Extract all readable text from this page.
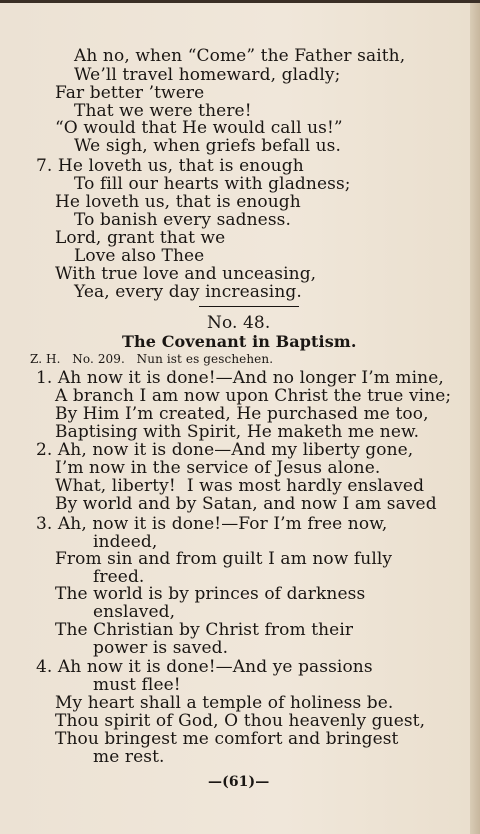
Ah no, when “Come” the Father saith,
We’ll travel homeward, gladly;
Far better ’twere
That we were there!
“O would that He would call us!”
We sigh, when griefs befall us.
7. He loveth us, that is enough
To fill our hearts with gladness;
He loveth us, that is enough
To banish every sadness.
Lord, grant that we
Love also Thee
With true love and unceasing,
Yea, every day increasing.
No. 48.
The Covenant in Baptism.
Z. H.   No. 209.   Nun ist es geschehen.
1. Ah now it is done!—And no longer I’m mine,
A branch I am now upon Christ the true vine;
By Him I’m created, He purchased me too,
Baptising with Spirit, He maketh me new.
2. Ah, now it is done—And my liberty gone,
I’m now in the service of Jesus alone.
What, liberty!  I was most hardly enslaved
By world and by Satan, and now I am saved
3. Ah, now it is done!—For I’m free now,
indeed,
From sin and from guilt I am now fully
freed.
The world is by princes of darkness
enslaved,
The Christian by Christ from their
power is saved.
4. Ah now it is done!—And ye passions
must flee!
My heart shall a temple of holiness be.
Thou spirit of God, O thou heavenly guest,
Thou bringest me comfort and bringest
me rest.
—(61)—
